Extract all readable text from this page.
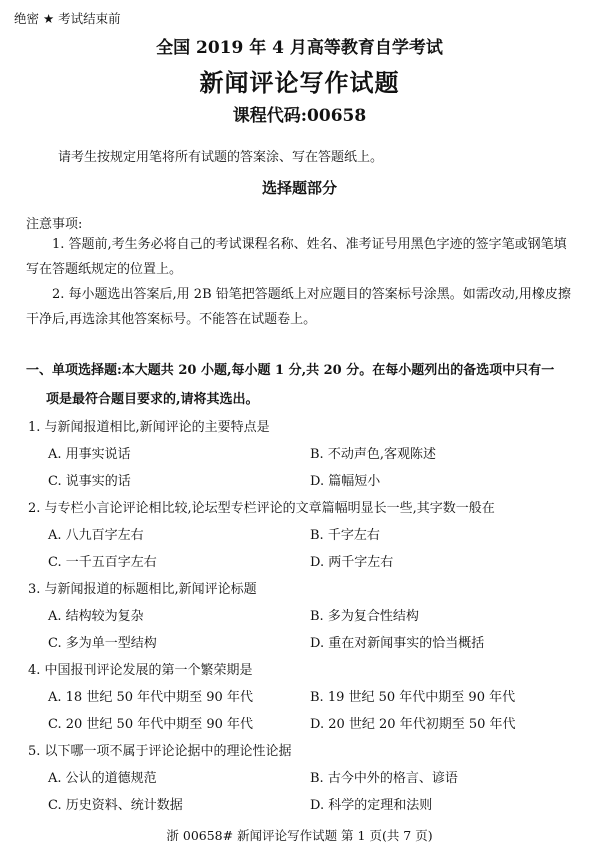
绝密 ★ 考试结束前
全国 2019 年 4 月高等教育自学考试
新闻评论写作试题
课程代码:00658
请考生按规定用笔将所有试题的答案涂、写在答题纸上。
选择题部分
注意事项:
1. 答题前,考生务必将自己的考试课程名称、姓名、准考证号用黑色字迹的签字笔或钢笔填写在答题纸规定的位置上。
2. 每小题选出答案后,用 2B 铅笔把答题纸上对应题目的答案标号涂黑。如需改动,用橡皮擦干净后,再选涂其他答案标号。不能答在试题卷上。
一、单项选择题:本大题共 20 小题,每小题 1 分,共 20 分。在每小题列出的备选项中只有一
项是最符合题目要求的,请将其选出。
1. 与新闻报道相比,新闻评论的主要特点是
A. 用事实说话	B. 不动声色,客观陈述
C. 说事实的话	D. 篇幅短小
2. 与专栏小言论评论相比较,论坛型专栏评论的文章篇幅明显长一些,其字数一般在
A. 八九百字左右	B. 千字左右
C. 一千五百字左右	D. 两千字左右
3. 与新闻报道的标题相比,新闻评论标题
A. 结构较为复杂	B. 多为复合性结构
C. 多为单一型结构	D. 重在对新闻事实的恰当概括
4. 中国报刊评论发展的第一个繁荣期是
A. 18 世纪 50 年代中期至 90 年代	B. 19 世纪 50 年代中期至 90 年代
C. 20 世纪 50 年代中期至 90 年代	D. 20 世纪 20 年代初期至 50 年代
5. 以下哪一项不属于评论论据中的理论性论据
A. 公认的道德规范	B. 古今中外的格言、谚语
C. 历史资料、统计数据	D. 科学的定理和法则
浙 00658# 新闻评论写作试题 第 1 页(共 7 页)
